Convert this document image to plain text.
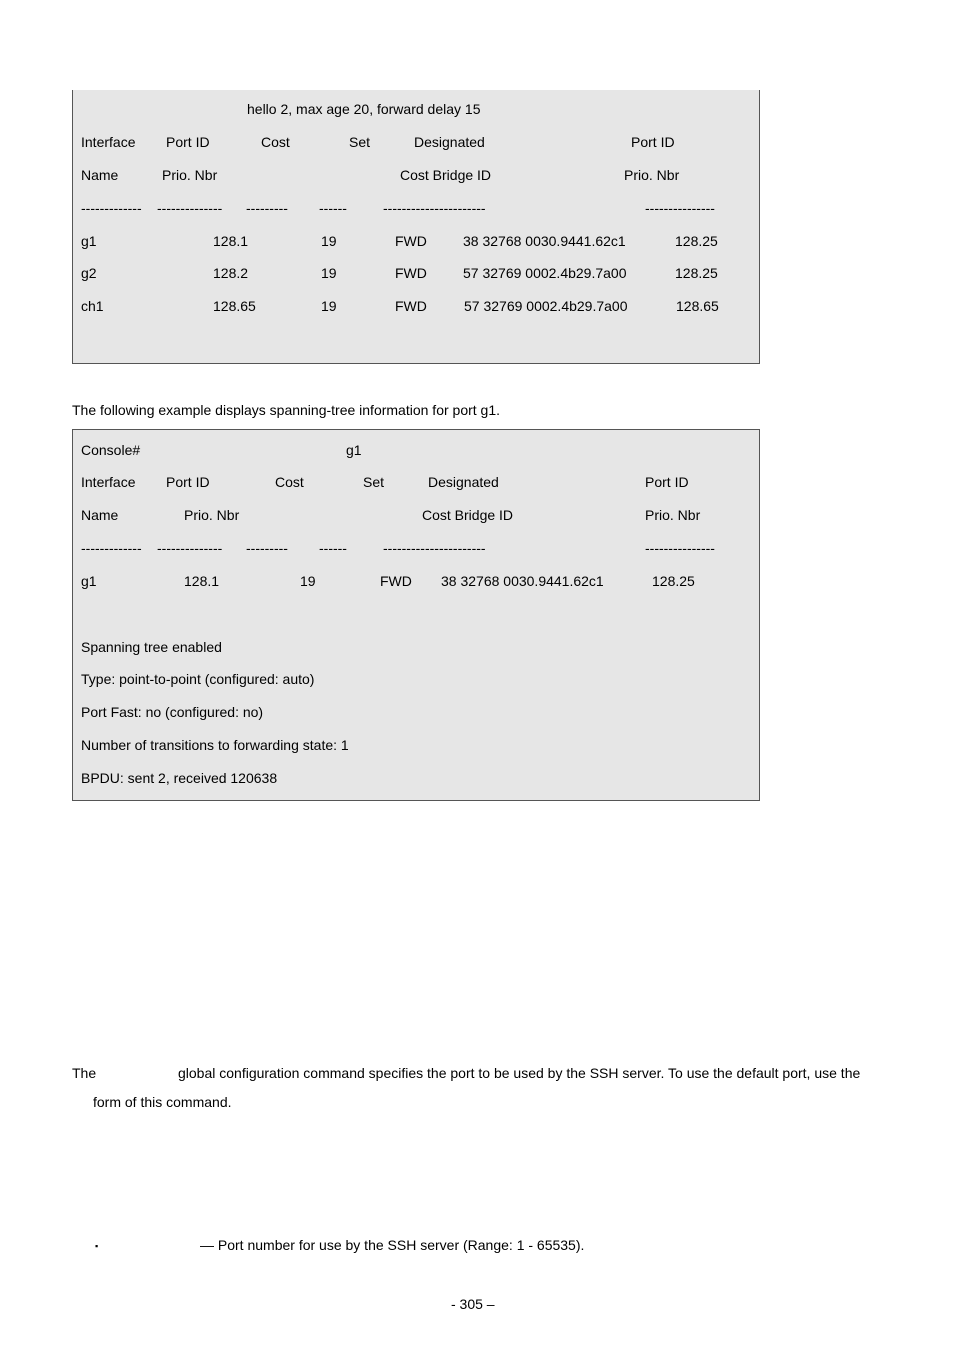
hello 2, max age 20, forward delay 15
Interface Port ID	Cost	Set	Designated	Port ID
Name	Prio. Nbr	Cost Bridge ID	Prio. Nbr
------------- -------------- --------- ------	----------------------	---------------
g1	128.1	19	FWD	38 32768 0030.9441.62c1	128.25
g2	128.2	19	FWD	57 32769 0002.4b29.7a00	128.25
ch1	128.65	19	FWD	57 32769 0002.4b29.7a00	128.65
The following example displays spanning-tree information for port g1.
Console#	g1
Interface Port ID	Cost	Set	Designated	Port ID
Name	Prio. Nbr	Cost Bridge ID	Prio. Nbr
------------- -------------- --------- ------	----------------------	---------------
g1	128.1	19	FWD 38 32768 0030.9441.62c1	128.25
Spanning tree enabled
Type: point-to-point (configured: auto)
Port Fast: no (configured: no)
Number of transitions to forwarding state: 1
BPDU: sent 2, received 120638
The	global configuration command specifies the port to be used by the SSH server. To use the default port, use the
form of this command.
▪	— Port number for use by the SSH server (Range: 1 - 65535).
- 305 –
